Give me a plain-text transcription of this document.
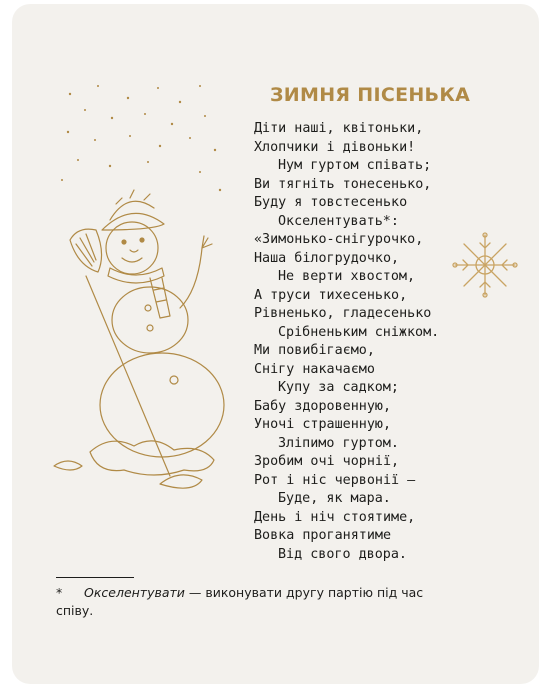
ЗИМНЯ ПІСЕНЬКА
Діти наші, квітоньки,
Хлопчики і дівоньки!
Нум гуртом співать;
Ви тягніть тонесенько,
Буду я товстесенько
Окселентувать*:
«Зимонько-снігурочко,
Наша білогрудочко,
Не верти хвостом,
А труси тихесенько,
Рівненько, гладесенько
Срібненьким сніжком.
Ми повибігаємо,
Снігу накачаємо
Купу за садком;
Бабу здоровенную,
Уночі страшенную,
Зліпимо гуртом.
Зробим очі чорнії,
Рот і ніс червонії —
Буде, як мара.
День і ніч стоятиме,
Вовка проганятиме
Від свого двора.
* Окселентувати — виконувати другу партію під час співу.
